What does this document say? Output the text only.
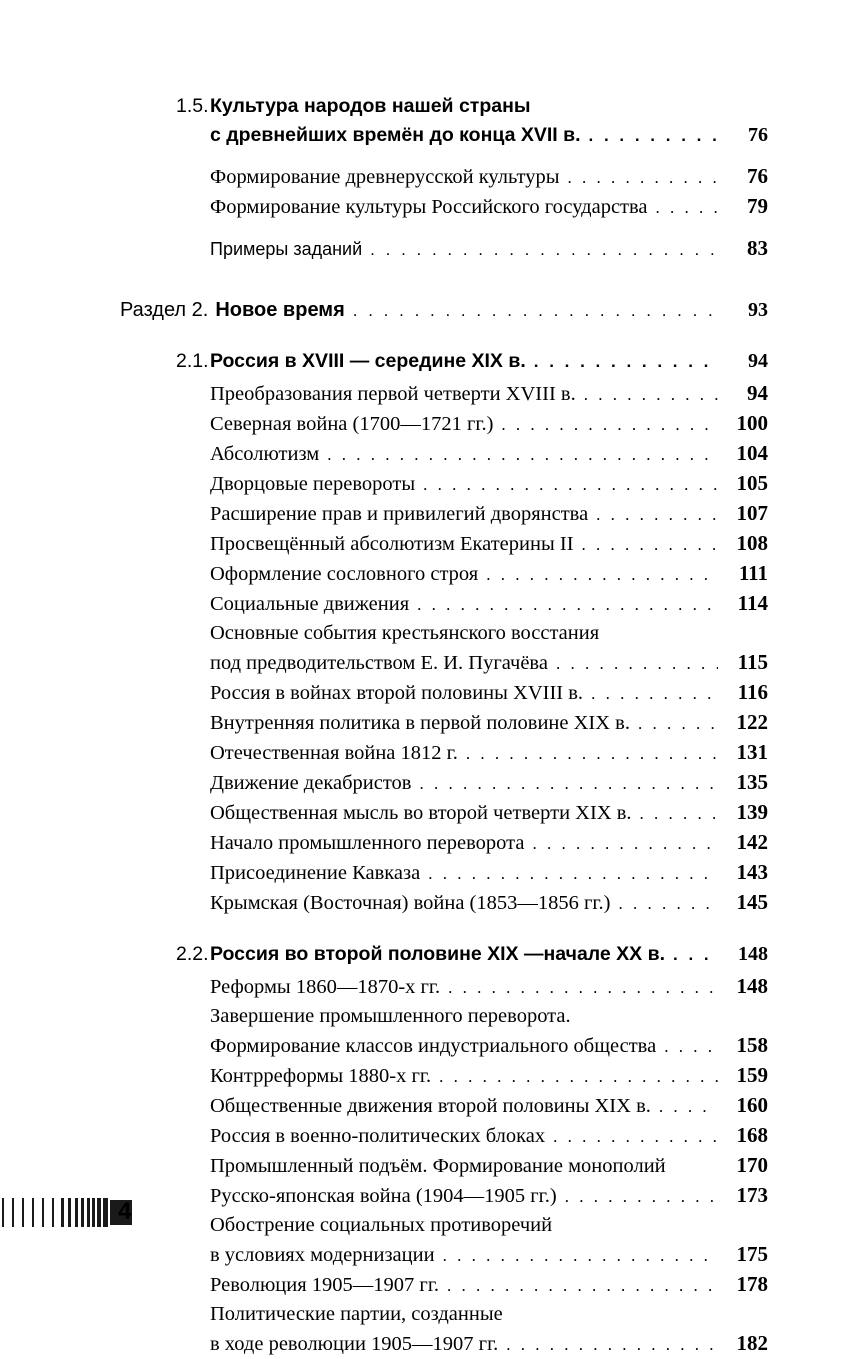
1.5. Культура народов нашей страны
с древнейших времён до конца XVII в. . . .	76
Формирование древнерусской культуры . . .	76
Формирование культуры Российского государства . . .	79
Примеры заданий . . .	83
Раздел 2. Новое время . . .	93
2.1. Россия в XVIII — середине XIX в. . . .	94
Преобразования первой четверти XVIII в. . . .	94
Северная война (1700—1721 гг.) . . .	100
Абсолютизм . . .	104
Дворцовые перевороты . . .	105
Расширение прав и привилегий дворянства . . .	107
Просвещённый абсолютизм Екатерины II . . .	108
Оформление сословного строя . . .	111
Социальные движения . . .	114
Основные события крестьянского восстания
под предводительством Е. И. Пугачёва . . .	115
Россия в войнах второй половины XVIII в. . . .	116
Внутренняя политика в первой половине XIX в. . . .	122
Отечественная война 1812 г. . . .	131
Движение декабристов . . .	135
Общественная мысль во второй четверти XIX в. . . .	139
Начало промышленного переворота . . .	142
Присоединение Кавказа . . .	143
Крымская (Восточная) война (1853—1856 гг.) . . .	145
2.2. Россия во второй половине XIX —начале XX в. . . .	148
Реформы 1860—1870-х гг. . . .	148
Завершение промышленного переворота.
Формирование классов индустриального общества . . .	158
Контрреформы 1880-х гг. . . .	159
Общественные движения второй половины XIX в. . . .	160
Россия в военно-политических блоках . . .	168
Промышленный подъём. Формирование монополий	170
Русско-японская война (1904—1905 гг.) . . .	173
Обострение социальных противоречий
в условиях модернизации . . .	175
Революция 1905—1907 гг. . . .	178
Политические партии, созданные
в ходе революции 1905—1907 гг. . . .	182
4
